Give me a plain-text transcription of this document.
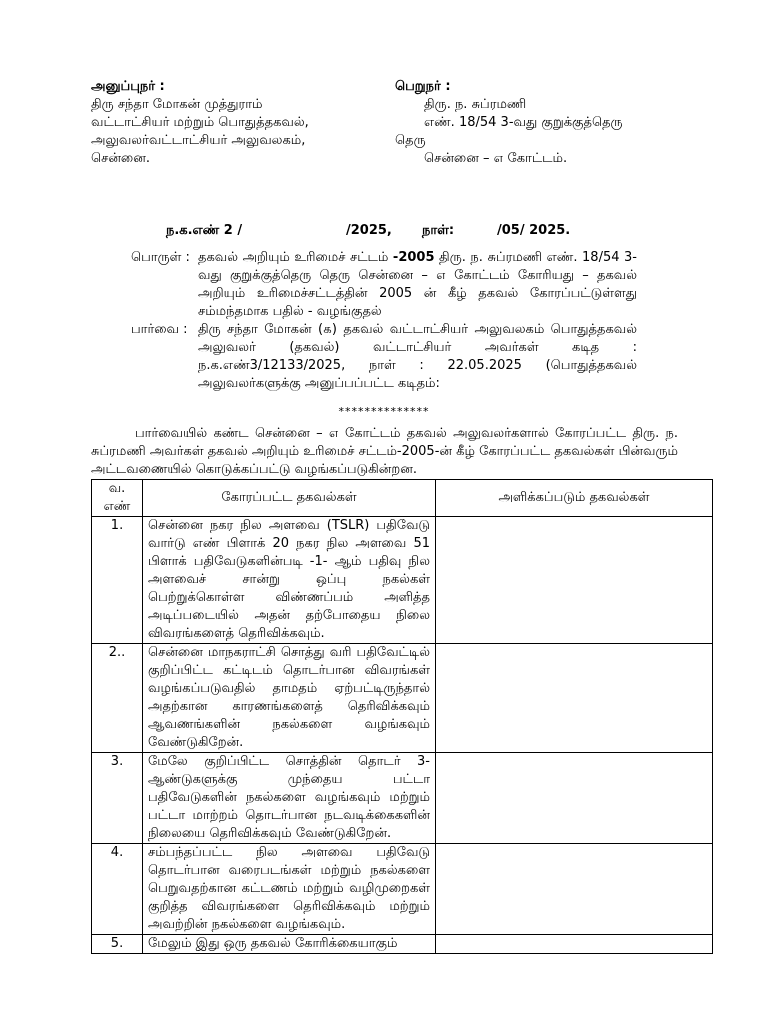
அனுப்புநர் :
திரு சந்தா மோகன் முத்துராம்
வட்டாட்சியர் மற்றும் பொதுத்தகவல்,
அலுவலர்வட்டாட்சியர் அலுவலகம்,
சென்னை.
பெறுநர் :
திரு. ந. சுப்ரமணி
எண். 18/54 3-வது குறுக்குத்தெரு
தெரு
சென்னை – ௭ கோட்டம்.
ந.க.எண் 2 /	/2025, நாள்:	/05/ 2025.
பொருள் : தகவல் அறியும் உரிமைச் சட்டம் -2005 திரு. ந. சுப்ரமணி எண். 18/54 3-வது குறுக்குத்தெரு தெரு சென்னை – ௭ கோட்டம் கோரியது – தகவல் அறியும் உரிமைச்சட்டத்தின் 2005 ன் கீழ் தகவல் கோரப்பட்டுள்ளது சம்மந்தமாக பதில் - வழங்குதல்
பார்வை : திரு சந்தா மோகன் (௧) தகவல் வட்டாட்சியர் அலுவலகம் பொதுத்தகவல் அலுவலர் (தகவல்) வட்டாட்சியர் அவர்கள் கடித : ந.க.எண்3/12133/2025, நாள் : 22.05.2025 (பொதுத்தகவல் அலுவலர்களுக்கு அனுப்பப்பட்ட கடிதம்:
**************
பார்வையில் கண்ட சென்னை – ௭ கோட்டம் தகவல் அலுவலர்களால் கோரப்பட்ட திரு. ந. சுப்ரமணி அவர்கள் தகவல் அறியும் உரிமைச் சட்டம்-2005-ன் கீழ் கோரப்பட்ட தகவல்கள் பின்வரும் அட்டவணையில் கொடுக்கப்பட்டு வழங்கப்படுகின்றன.
வ. எண்	கோரப்பட்ட தகவல்கள்	அளிக்கப்படும் தகவல்கள்
1.	சென்னை நகர நில அளவை (TSLR) பதிவேடு வார்டு எண் பிளாக் 20 நகர நில அளவை 51 பிளாக் பதிவேடுகளின்படி -1- ஆம் பதிவு நில அளவைச் சான்று ஒப்பு நகல்கள் பெற்றுக்கொள்ள விண்ணப்பம் அளித்த அடிப்படையில் அதன் தற்போதைய நிலை விவரங்களைத் தெரிவிக்கவும்.	
2..	சென்னை மாநகராட்சி சொத்து வரி பதிவேட்டில் குறிப்பிட்ட கட்டிடம் தொடர்பான விவரங்கள் வழங்கப்படுவதில் தாமதம் ஏற்பட்டிருந்தால் அதற்கான காரணங்களைத் தெரிவிக்கவும் ஆவணங்களின் நகல்களை வழங்கவும் வேண்டுகிறேன்.	
3.	மேலே குறிப்பிட்ட சொத்தின் தொடர் 3-ஆண்டுகளுக்கு முந்தைய பட்டா பதிவேடுகளின் நகல்களை வழங்கவும் மற்றும் பட்டா மாற்றம் தொடர்பான நடவடிக்கைகளின் நிலையை தெரிவிக்கவும் வேண்டுகிறேன்.	
4.	சம்பந்தப்பட்ட நில அளவை பதிவேடு தொடர்பான வரைபடங்கள் மற்றும் நகல்களை பெறுவதற்கான கட்டணம் மற்றும் வழிமுறைகள் குறித்த விவரங்களை தெரிவிக்கவும் மற்றும் அவற்றின் நகல்களை வழங்கவும்.	
5.	மேலும் இது ஒரு தகவல் கோரிக்கையாகும்	
